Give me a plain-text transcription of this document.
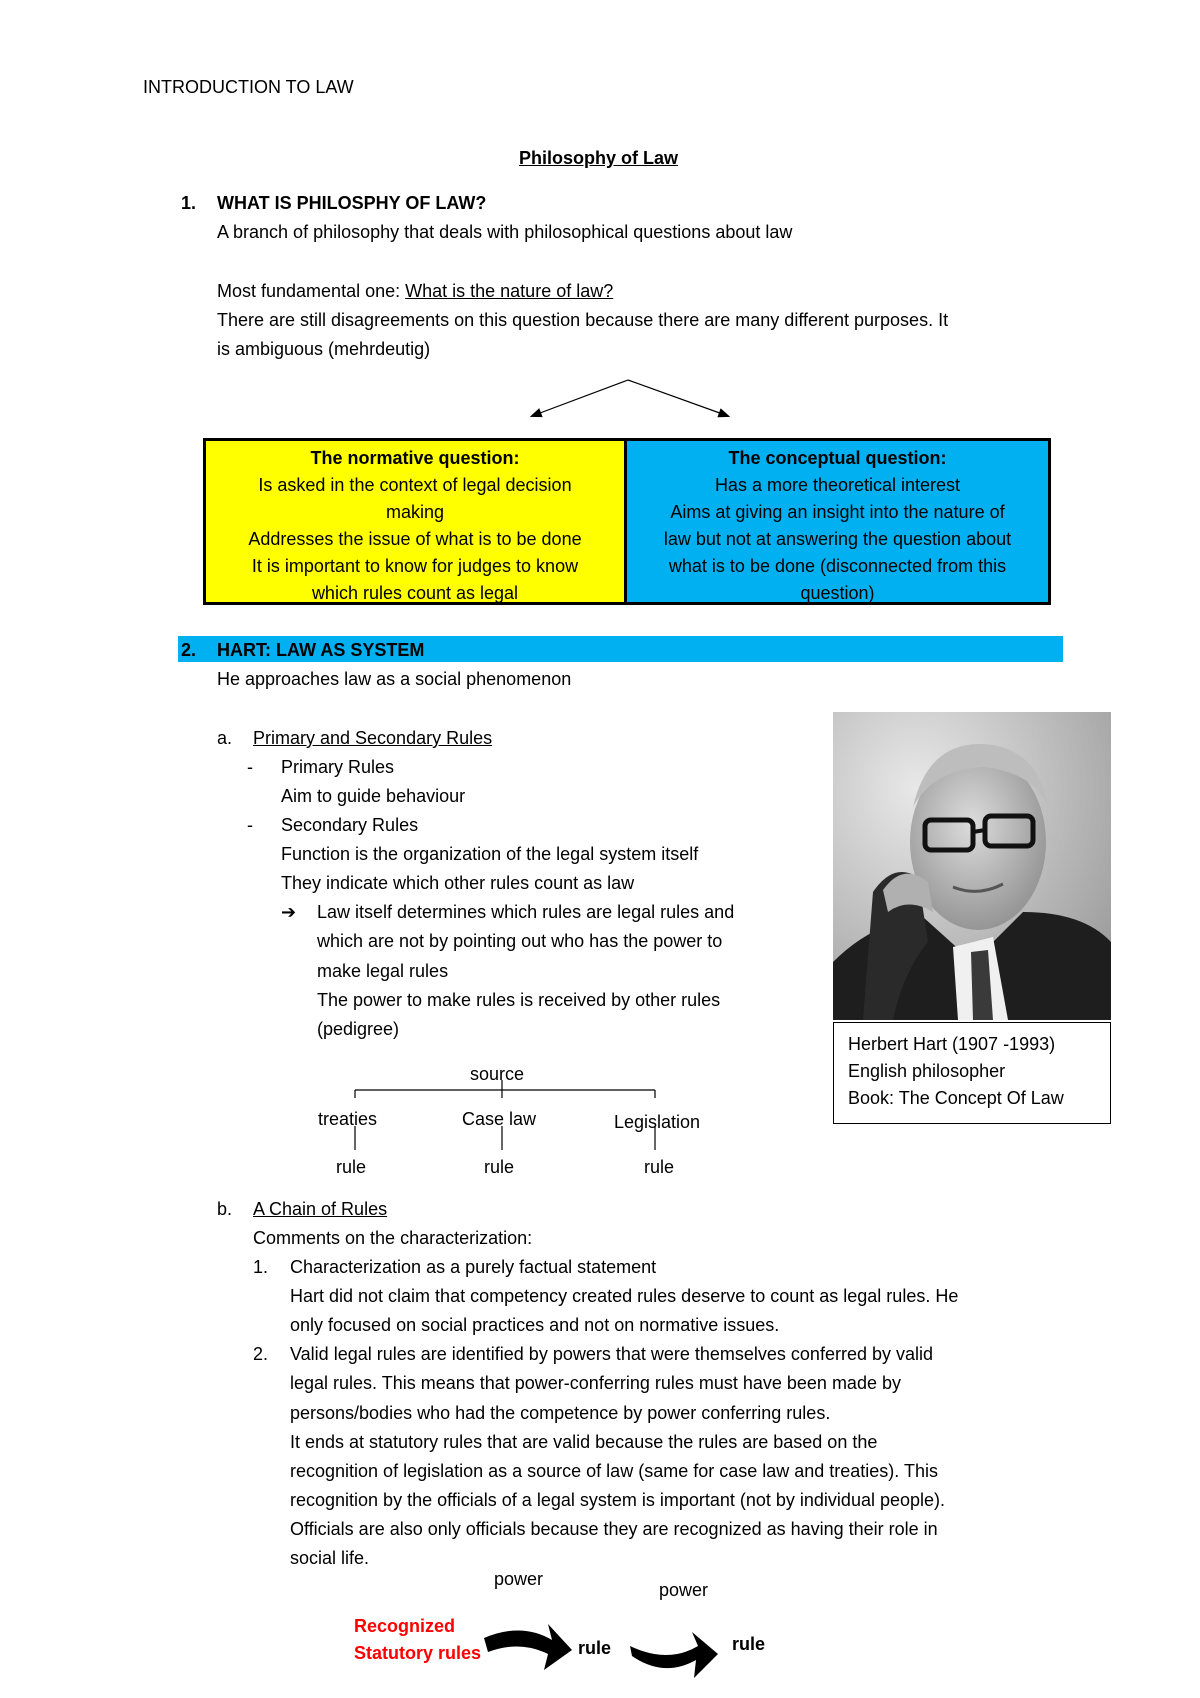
INTRODUCTION TO LAW
Philosophy of Law
1. WHAT IS PHILOSPHY OF LAW?
A branch of philosophy that deals with philosophical questions about law
Most fundamental one: What is the nature of law?
There are still disagreements on this question because there are many different purposes. It
is ambiguous (mehrdeutig)
The normative question:
Is asked in the context of legal decision
making
Addresses the issue of what is to be done
It is important to know for judges to know
which rules count as legal
The conceptual question:
Has a more theoretical interest
Aims at giving an insight into the nature of
law but not at answering the question about
what is to be done (disconnected from this
question)
2. HART: LAW AS SYSTEM
He approaches law as a social phenomenon
a. Primary and Secondary Rules
- Primary Rules
Aim to guide behaviour
- Secondary Rules
Function is the organization of the legal system itself
They indicate which other rules count as law
➔ Law itself determines which rules are legal rules and
which are not by pointing out who has the power to
make legal rules
The power to make rules is received by other rules
(pedigree)
source
treaties	Case law	Legislation
rule	rule	rule
Herbert Hart (1907 -1993)
English philosopher
Book: The Concept Of Law
b. A Chain of Rules
Comments on the characterization:
1. Characterization as a purely factual statement
Hart did not claim that competency created rules deserve to count as legal rules. He
only focused on social practices and not on normative issues.
2. Valid legal rules are identified by powers that were themselves conferred by valid
legal rules. This means that power-conferring rules must have been made by
persons/bodies who had the competence by power conferring rules.
It ends at statutory rules that are valid because the rules are based on the
recognition of legislation as a source of law (same for case law and treaties). This
recognition by the officials of a legal system is important (not by individual people).
Officials are also only officials because they are recognized as having their role in
social life.
power
power
Recognized
Statutory rules	rule	rule
